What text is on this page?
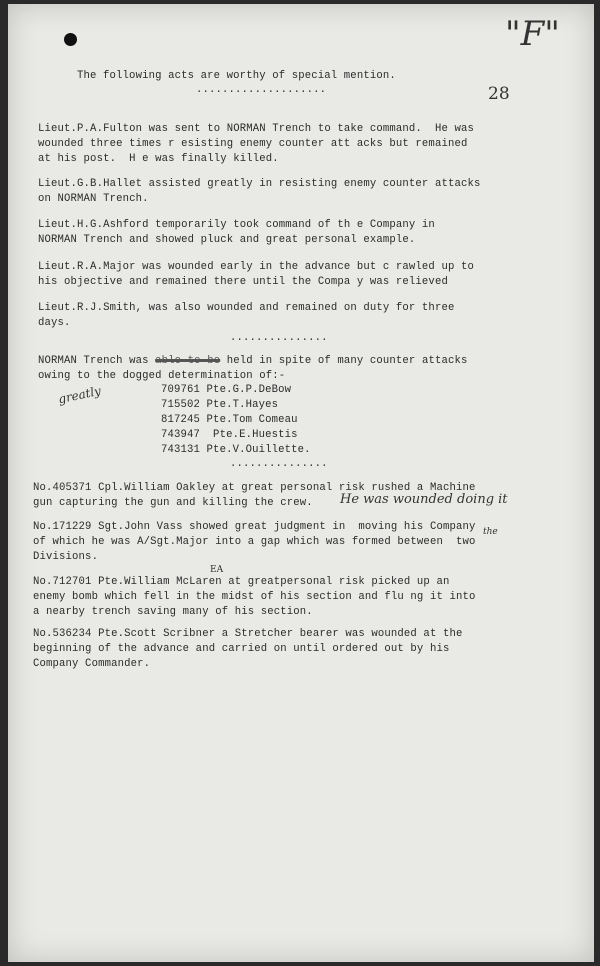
"F"
28
The following acts are worthy of special mention.
....................
Lieut.P.A.Fulton was sent to NORMAN Trench to take command.  He was
wounded three times r esisting enemy counter att acks but remained
at his post.  H e was finally killed.
Lieut.G.B.Hallet assisted greatly in resisting enemy counter attacks
on NORMAN Trench.
Lieut.H.G.Ashford temporarily took command of th e Company in
NORMAN Trench and showed pluck and great personal example.
Lieut.R.A.Major was wounded early in the advance but c rawled up to
his objective and remained there until the Compa y was relieved
Lieut.R.J.Smith, was also wounded and remained on duty for three
days.
...............
NORMAN Trench was able to be held in spite of many counter attacks
owing to the dogged determination of:-
greatly	709761 Pte.G.P.DeBow
715502 Pte.T.Hayes
817245 Pte.Tom Comeau
743947  Pte.E.Huestis
743131 Pte.V.Ouillette.
...............
No.405371 Cpl.William Oakley at great personal risk rushed a Machine
gun capturing the gun and killing the crew.	He was wounded doing it
No.171229 Sgt.John Vass showed great judgment in  moving his Company
of which he was A/Sgt.Major into a gap which was formed between  two
Divisions.
the
No.712701 Pte.William McLaren at greatpersonal risk picked up an
enemy bomb which fell in the midst of his section and flu ng it into
a nearby trench saving many of his section.
EA
No.536234 Pte.Scott Scribner a Stretcher bearer was wounded at the
beginning of the advance and carried on until ordered out by his
Company Commander.
